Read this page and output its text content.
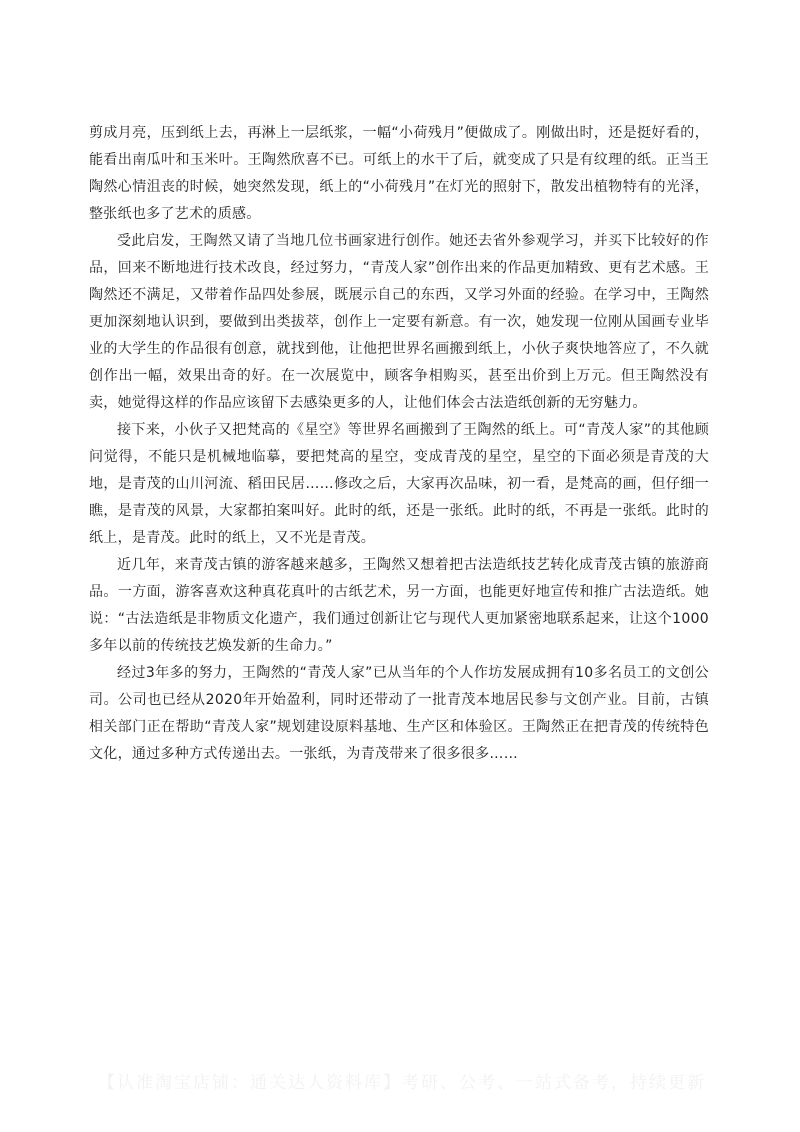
剪成月亮，压到纸上去，再淋上一层纸浆，一幅“小荷残月”便做成了。刚做出时，还是挺好看的，能看出南瓜叶和玉米叶。王陶然欣喜不已。可纸上的水干了后，就变成了只是有纹理的纸。正当王陶然心情沮丧的时候，她突然发现，纸上的“小荷残月”在灯光的照射下，散发出植物特有的光泽，整张纸也多了艺术的质感。

受此启发，王陶然又请了当地几位书画家进行创作。她还去省外参观学习，并买下比较好的作品，回来不断地进行技术改良，经过努力，“青茂人家”创作出来的作品更加精致、更有艺术感。王陶然还不满足，又带着作品四处参展，既展示自己的东西，又学习外面的经验。在学习中，王陶然更加深刻地认识到，要做到出类拔萃，创作上一定要有新意。有一次，她发现一位刚从国画专业毕业的大学生的作品很有创意，就找到他，让他把世界名画搬到纸上，小伙子爽快地答应了，不久就创作出一幅，效果出奇的好。在一次展览中，顾客争相购买，甚至出价到上万元。但王陶然没有卖，她觉得这样的作品应该留下去感染更多的人，让他们体会古法造纸创新的无穷魅力。

接下来，小伙子又把梵高的《星空》等世界名画搬到了王陶然的纸上。可“青茂人家”的其他顾问觉得，不能只是机械地临摹，要把梵高的星空，变成青茂的星空，星空的下面必须是青茂的大地，是青茂的山川河流、稻田民居……修改之后，大家再次品味，初一看，是梵高的画，但仔细一瞧，是青茂的风景，大家都拍案叫好。此时的纸，还是一张纸。此时的纸，不再是一张纸。此时的纸上，是青茂。此时的纸上，又不光是青茂。

近几年，来青茂古镇的游客越来越多，王陶然又想着把古法造纸技艺转化成青茂古镇的旅游商品。一方面，游客喜欢这种真花真叶的古纸艺术，另一方面，也能更好地宣传和推广古法造纸。她说：“古法造纸是非物质文化遗产，我们通过创新让它与现代人更加紧密地联系起来，让这个1000多年以前的传统技艺焕发新的生命力。”

经过3年多的努力，王陶然的“青茂人家”已从当年的个人作坊发展成拥有10多名员工的文创公司。公司也已经从2020年开始盈利，同时还带动了一批青茂本地居民参与文创产业。目前，古镇相关部门正在帮助“青茂人家”规划建设原料基地、生产区和体验区。王陶然正在把青茂的传统特色文化，通过多种方式传递出去。一张纸，为青茂带来了很多很多……

【认准淘宝店铺：通关达人资料库】考研、公考、一站式备考，持续更新
